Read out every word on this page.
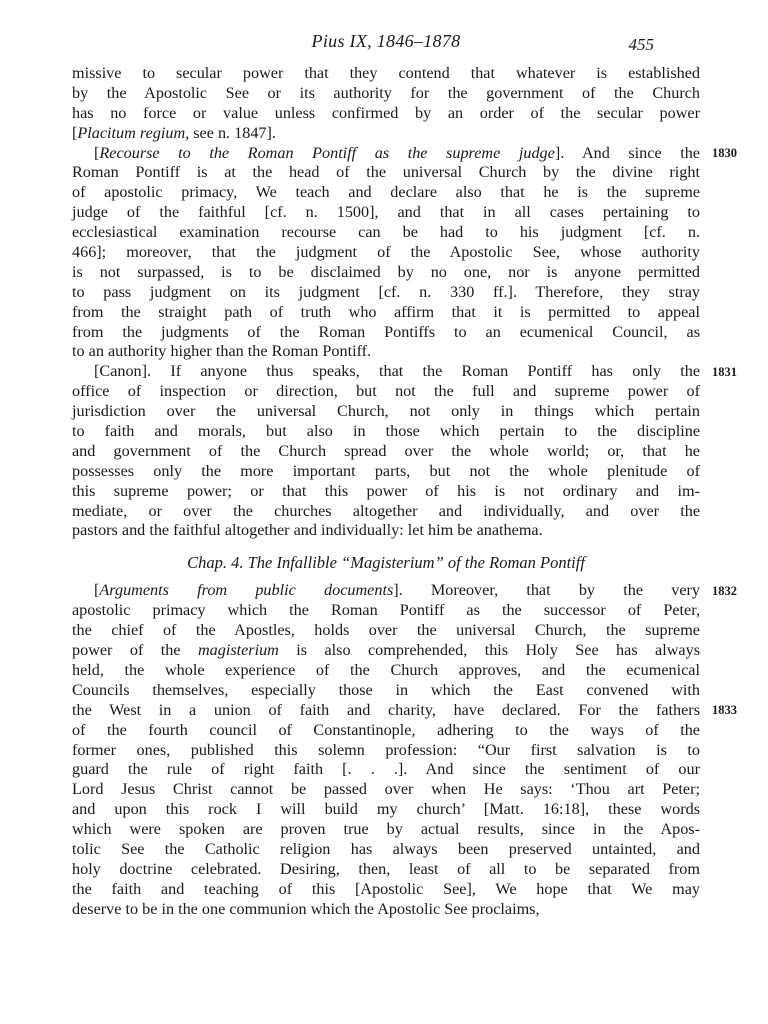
Pius IX, 1846–1878	455
missive to secular power that they contend that whatever is established
by the Apostolic See or its authority for the government of the Church
has no force or value unless confirmed by an order of the secular power
[Placitum regium, see n. 1847].
[Recourse to the Roman Pontiff as the supreme judge]. And since the
Roman Pontiff is at the head of the universal Church by the divine right
of apostolic primacy, We teach and declare also that he is the supreme
judge of the faithful [cf. n. 1500], and that in all cases pertaining to
ecclesiastical examination recourse can be had to his judgment [cf. n.
466]; moreover, that the judgment of the Apostolic See, whose authority
is not surpassed, is to be disclaimed by no one, nor is anyone permitted
to pass judgment on its judgment [cf. n. 330 ff.]. Therefore, they stray
from the straight path of truth who affirm that it is permitted to appeal
from the judgments of the Roman Pontiffs to an ecumenical Council, as
to an authority higher than the Roman Pontiff.
[Canon]. If anyone thus speaks, that the Roman Pontiff has only the
office of inspection or direction, but not the full and supreme power of
jurisdiction over the universal Church, not only in things which pertain
to faith and morals, but also in those which pertain to the discipline
and government of the Church spread over the whole world; or, that he
possesses only the more important parts, but not the whole plenitude of
this supreme power; or that this power of his is not ordinary and im-
mediate, or over the churches altogether and individually, and over the
pastors and the faithful altogether and individually: let him be anathema.
Chap. 4. The Infallible “Magisterium” of the Roman Pontiff
[Arguments from public documents]. Moreover, that by the very
apostolic primacy which the Roman Pontiff as the successor of Peter,
the chief of the Apostles, holds over the universal Church, the supreme
power of the magisterium is also comprehended, this Holy See has always
held, the whole experience of the Church approves, and the ecumenical
Councils themselves, especially those in which the East convened with
the West in a union of faith and charity, have declared. For the fathers
of the fourth council of Constantinople, adhering to the ways of the
former ones, published this solemn profession: “Our first salvation is to
guard the rule of right faith [. . .]. And since the sentiment of our
Lord Jesus Christ cannot be passed over when He says: ‘Thou art Peter;
and upon this rock I will build my church’ [Matt. 16:18], these words
which were spoken are proven true by actual results, since in the Apos-
tolic See the Catholic religion has always been preserved untainted, and
holy doctrine celebrated. Desiring, then, least of all to be separated from
the faith and teaching of this [Apostolic See], We hope that We may
deserve to be in the one communion which the Apostolic See proclaims,
1830
1831
1832
1833
